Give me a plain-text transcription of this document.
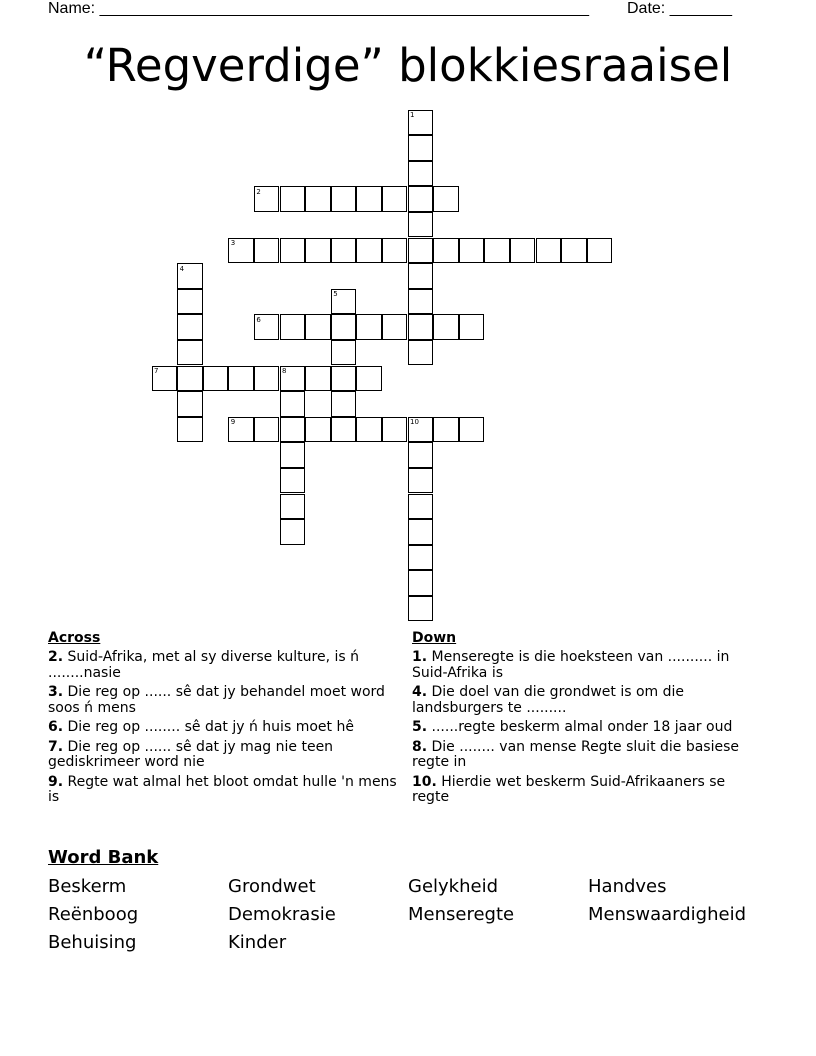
Name: _______________________________________________________ Date: _______
“Regverdige” blokkiesraaisel
1
2
3
4
5
6
7	8
9	10
Across
2. Suid-Afrika, met al sy diverse kulture, is ń ........nasie
3. Die reg op ...... sê dat jy behandel moet word soos ń mens
6. Die reg op ........ sê dat jy ń huis moet hê
7. Die reg op ...... sê dat jy mag nie teen gediskrimeer word nie
9. Regte wat almal het bloot omdat hulle 'n mens is
Down
1. Menseregte is die hoeksteen van .......... in Suid-Afrika is
4. Die doel van die grondwet is om die landsburgers te .........
5. ......regte beskerm almal onder 18 jaar oud
8. Die ........ van mense Regte sluit die basiese regte in
10. Hierdie wet beskerm Suid-Afrikaaners se regte
Word Bank
Beskerm	Grondwet	Gelykheid	Handves
Reënboog	Demokrasie	Menseregte	Menswaardigheid
Behuising	Kinder
